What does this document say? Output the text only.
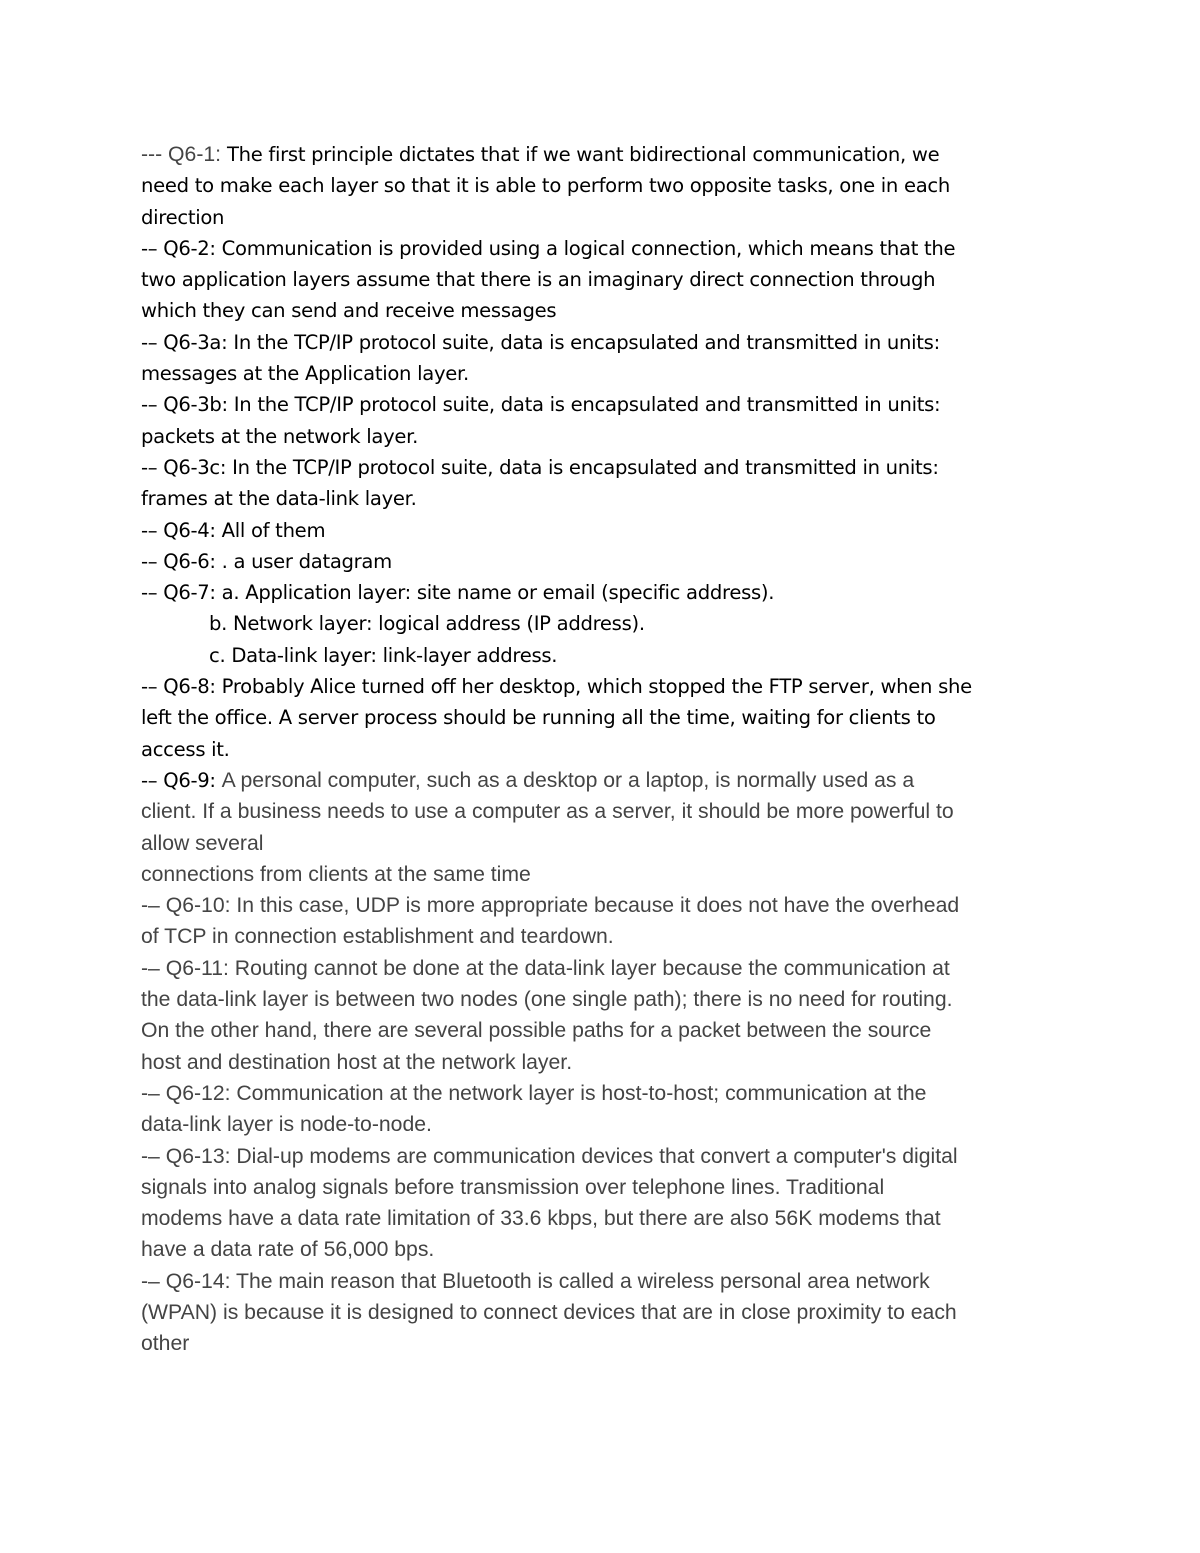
--- Q6-1: The first principle dictates that if we want bidirectional communication, we
need to make each layer so that it is able to perform two opposite tasks, one in each
direction
-– Q6-2: Communication is provided using a logical connection, which means that the
two application layers assume that there is an imaginary direct connection through
which they can send and receive messages
-– Q6-3a: In the TCP/IP protocol suite, data is encapsulated and transmitted in units:
messages at the Application layer.
-– Q6-3b: In the TCP/IP protocol suite, data is encapsulated and transmitted in units:
packets at the network layer.
-– Q6-3c: In the TCP/IP protocol suite, data is encapsulated and transmitted in units:
frames at the data-link layer.
-– Q6-4: All of them
-– Q6-6: . a user datagram
-– Q6-7: a. Application layer: site name or email (specific address).
b. Network layer: logical address (IP address).
c. Data-link layer: link-layer address.
-– Q6-8: Probably Alice turned off her desktop, which stopped the FTP server, when she
left the office. A server process should be running all the time, waiting for clients to
access it.
-– Q6-9: A personal computer, such as a desktop or a laptop, is normally used as a
client. If a business needs to use a computer as a server, it should be more powerful to
allow several
connections from clients at the same time
-– Q6-10: In this case, UDP is more appropriate because it does not have the overhead
of TCP in connection establishment and teardown.
-– Q6-11: Routing cannot be done at the data-link layer because the communication at
the data-link layer is between two nodes (one single path); there is no need for routing.
On the other hand, there are several possible paths for a packet between the source
host and destination host at the network layer.
-– Q6-12: Communication at the network layer is host-to-host; communication at the
data-link layer is node-to-node.
-– Q6-13: Dial-up modems are communication devices that convert a computer's digital
signals into analog signals before transmission over telephone lines. Traditional
modems have a data rate limitation of 33.6 kbps, but there are also 56K modems that
have a data rate of 56,000 bps.
-– Q6-14: The main reason that Bluetooth is called a wireless personal area network
(WPAN) is because it is designed to connect devices that are in close proximity to each
other
